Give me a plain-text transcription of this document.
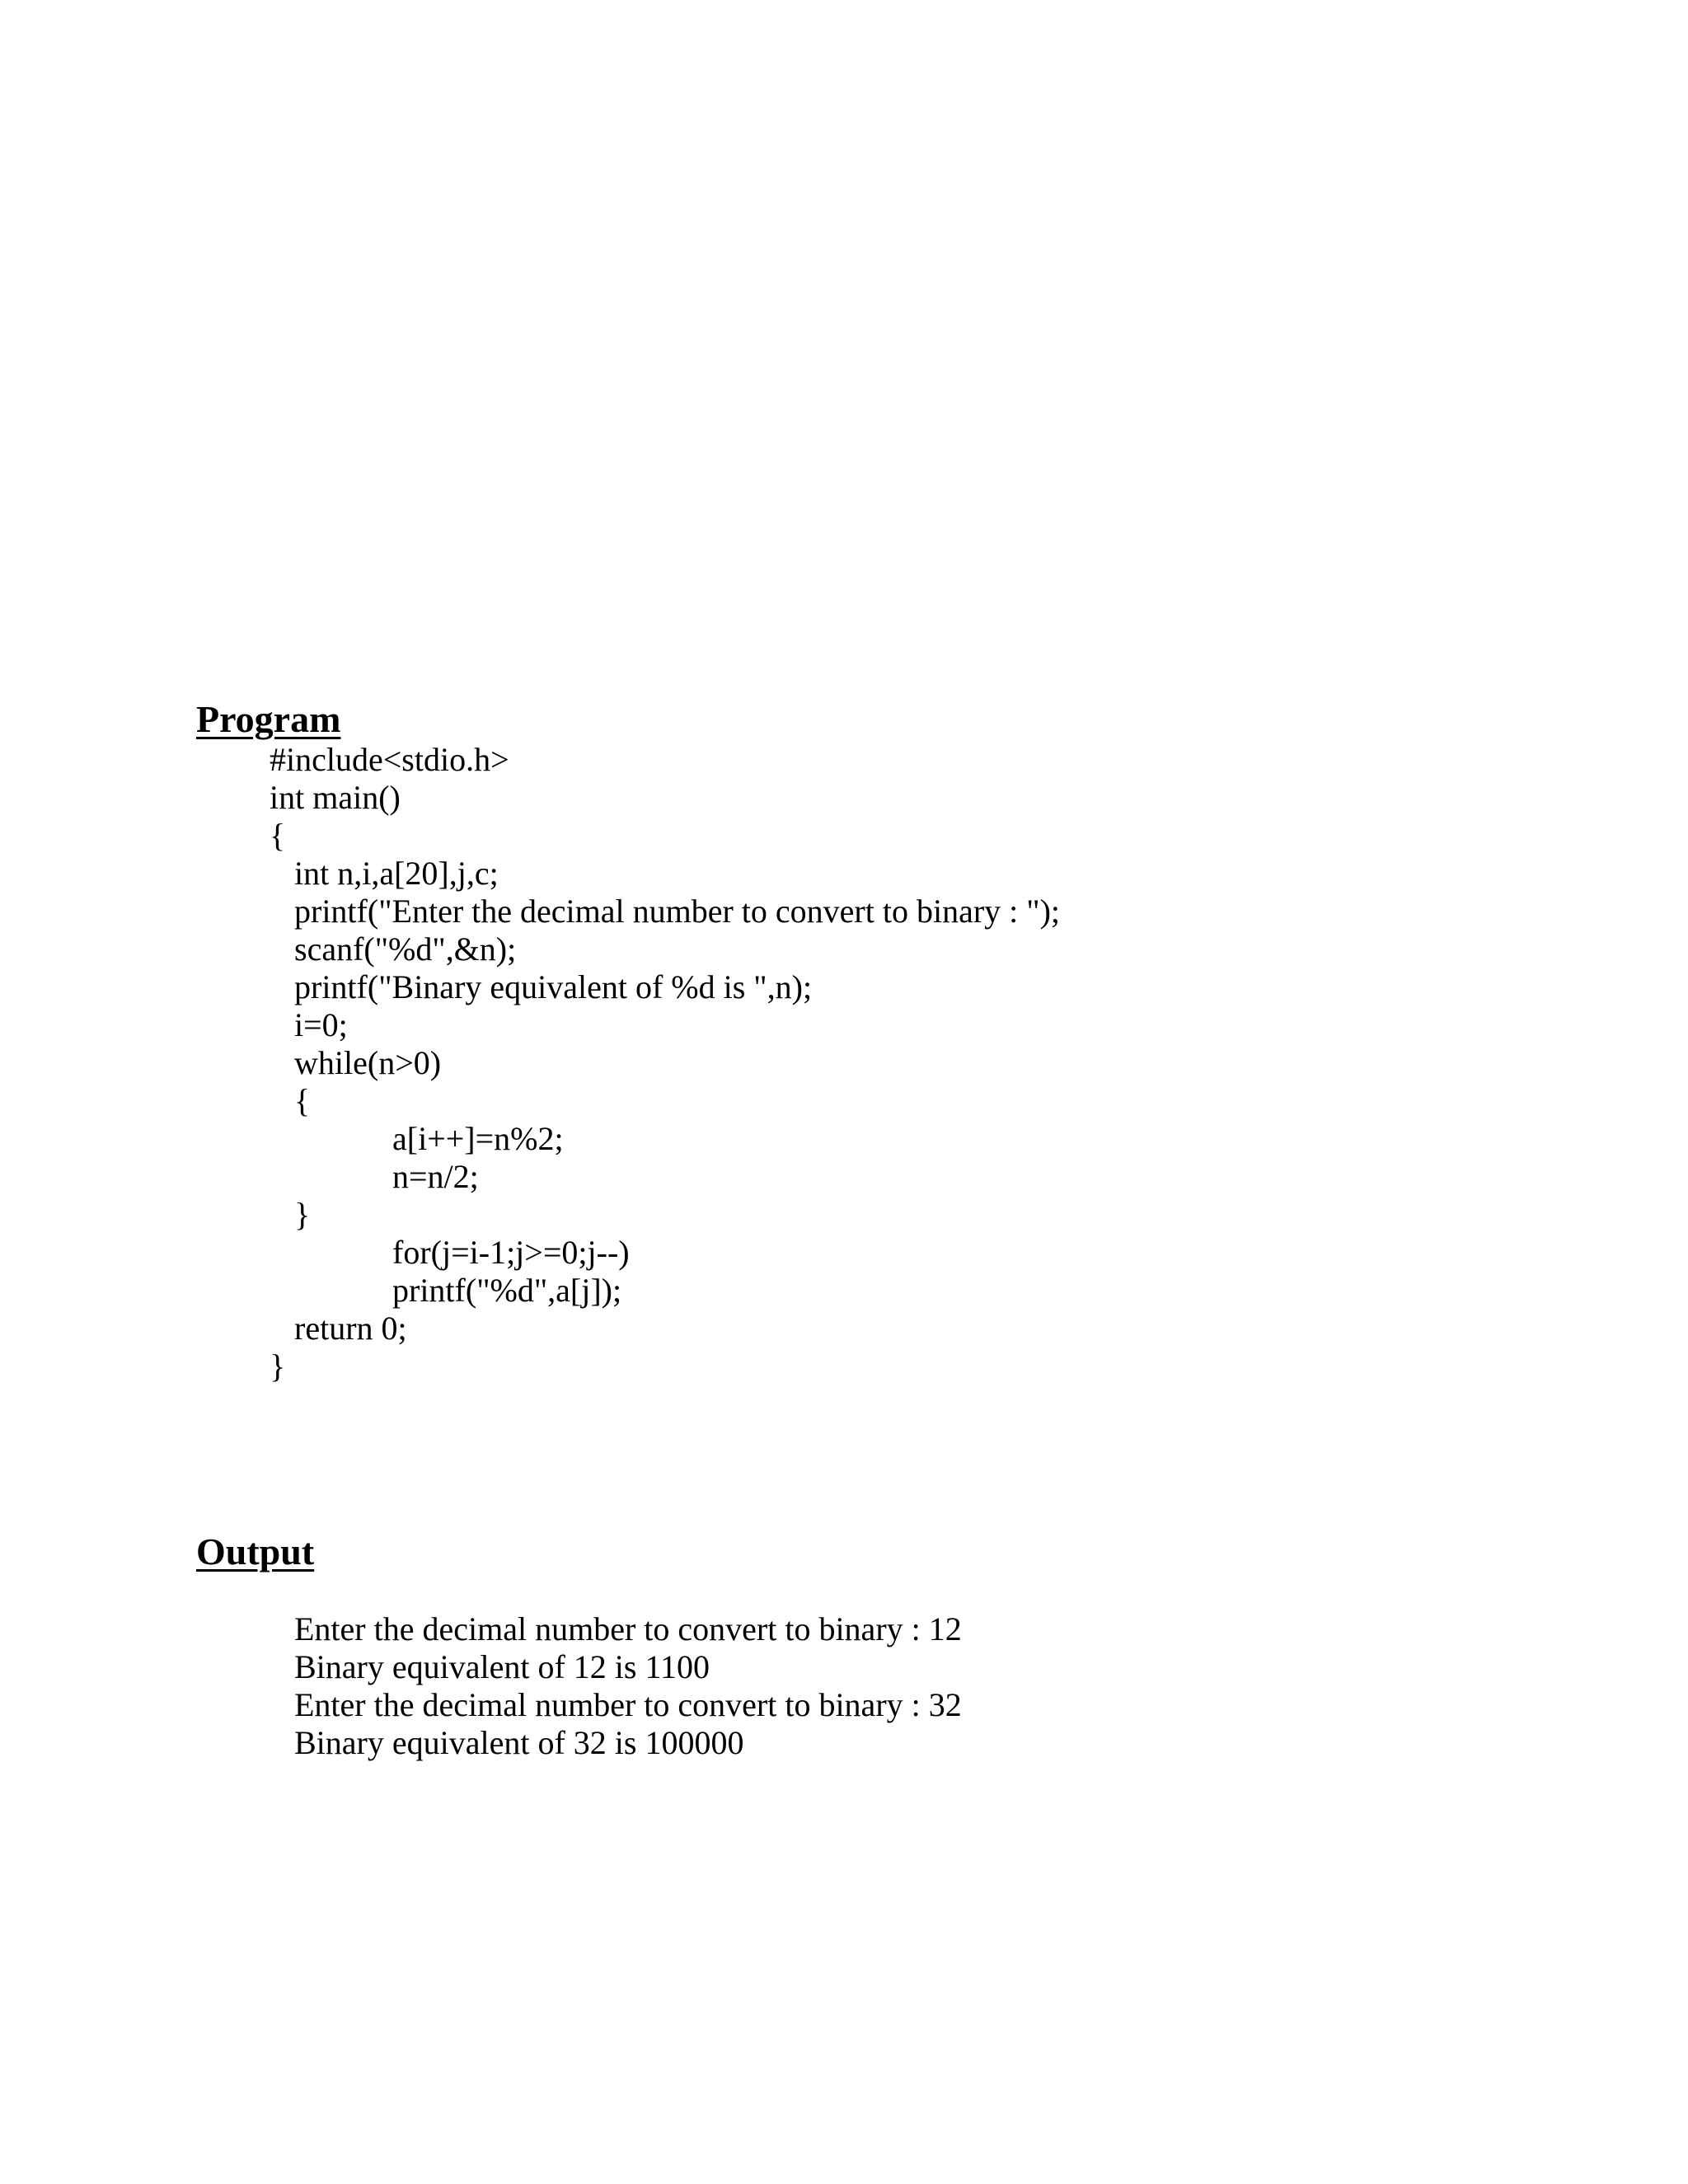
Program
#include<stdio.h>
int main()
{
int n,i,a[20],j,c;
printf("Enter the decimal number to convert to binary : ");
scanf("%d",&n);
printf("Binary equivalent of %d is ",n);
i=0;
while(n>0)
{
a[i++]=n%2;
n=n/2;
}
for(j=i-1;j>=0;j--)
printf("%d",a[j]);
return 0;
}
Output
Enter the decimal number to convert to binary : 12
Binary equivalent of 12 is 1100
Enter the decimal number to convert to binary : 32
Binary equivalent of 32 is 100000
